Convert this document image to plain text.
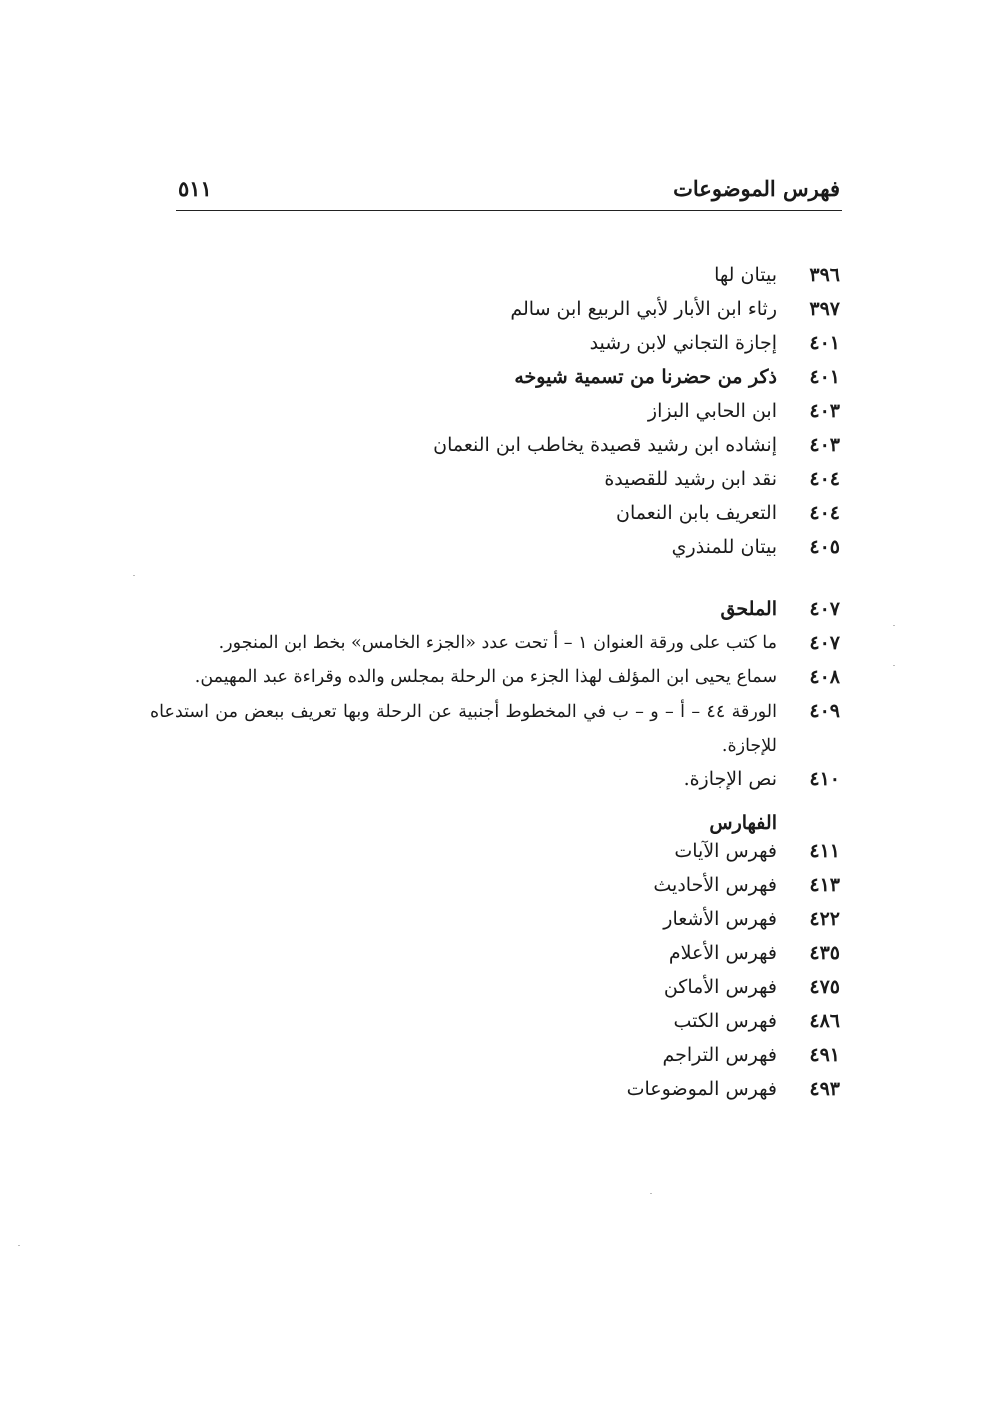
فهرس الموضوعات
٥١١
٣٩٦
بيتان لها
٣٩٧
رثاء ابن الأبار لأبي الربيع ابن سالم
٤٠١
إجازة التجاني لابن رشيد
٤٠١
ذكر من حضرنا من تسمية شيوخه
٤٠٣
ابن الحابي البزاز
٤٠٣
إنشاده ابن رشيد قصيدة يخاطب ابن النعمان
٤٠٤
نقد ابن رشيد للقصيدة
٤٠٤
التعريف بابن النعمان
٤٠٥
بيتان للمنذري
٤٠٧
الملحق
٤٠٧
ما كتب على ورقة العنوان ١ – أ تحت عدد «الجزء الخامس» بخط ابن المنجور.
٤٠٨
سماع يحيى ابن المؤلف لهذا الجزء من الرحلة بمجلس والده وقراءة عبد المهيمن.
٤٠٩
الورقة ٤٤ – أ – و – ب في المخطوط أجنبية عن الرحلة وبها تعريف ببعض من استدعاه للإجازة.
٤١٠
نص الإجازة.
الفهارس
٤١١
فهرس الآيات
٤١٣
فهرس الأحاديث
٤٢٢
فهرس الأشعار
٤٣٥
فهرس الأعلام
٤٧٥
فهرس الأماكن
٤٨٦
فهرس الكتب
٤٩١
فهرس التراجم
٤٩٣
فهرس الموضوعات
